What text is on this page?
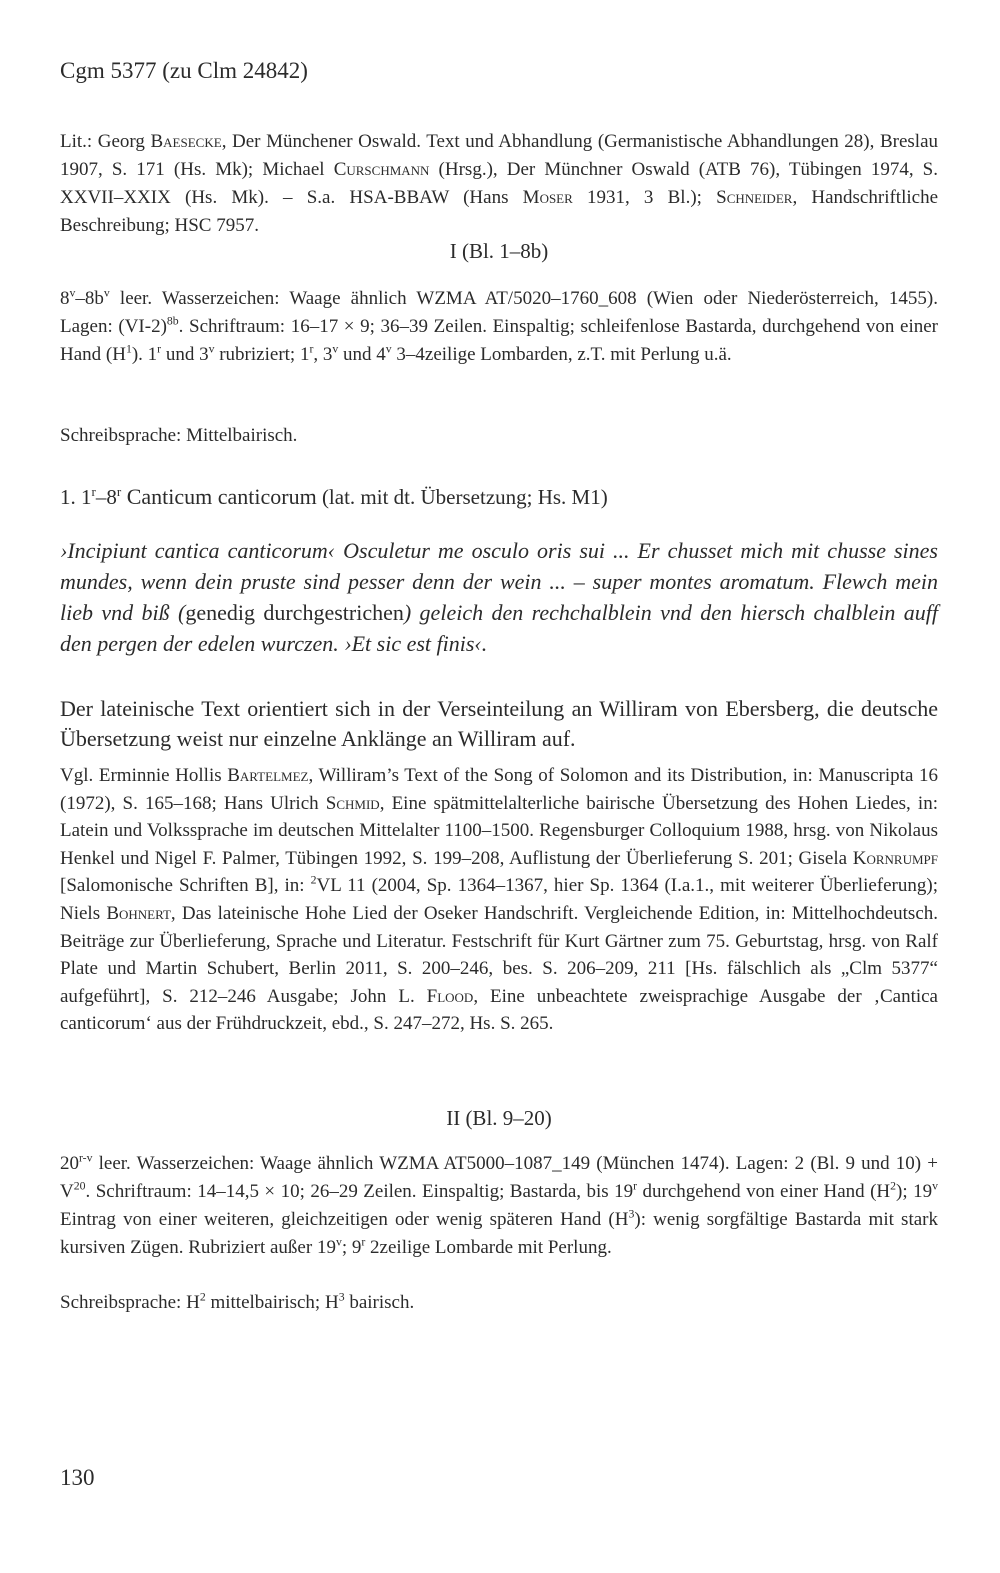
Cgm 5377 (zu Clm 24842)
Lit.: Georg Baesecke, Der Münchener Oswald. Text und Abhandlung (Germanistische Abhandlungen 28), Breslau 1907, S. 171 (Hs. Mk); Michael Curschmann (Hrsg.), Der Münchner Oswald (ATB 76), Tübingen 1974, S. XXVII–XXIX (Hs. Mk). – S.a. HSA-BBAW (Hans Moser 1931, 3 Bl.); Schneider, Handschriftliche Beschreibung; HSC 7957.
I (Bl. 1–8b)
$8^v-8b^v$ leer. Wasserzeichen: Waage ähnlich WZMA AT/5020–1760_608 (Wien oder Niederösterreich, 1455). Lagen: $(VI-2)^{8b}$. Schriftraum: 16–17 × 9; 36–39 Zeilen. Einspaltig; schleifenlose Bastarda, durchgehend von einer Hand $(H^1)$. 1$^r$ und 3$^v$ rubriziert; 1$^r$, 3$^v$ und 4$^v$ 3–4zeilige Lombarden, z.T. mit Perlung u.ä.
Schreibsprache: Mittelbairisch.
1. 1$^r$–8$^r$ Canticum canticorum (lat. mit dt. Übersetzung; Hs. M1)
›Incipiunt cantica canticorum‹ Osculetur me osculo oris sui ... Er chusset mich mit chusse sines mundes, wenn dein pruste sind pesser denn der wein ... – super montes aromatum. Flewch mein lieb vnd biß (genedig durchgestrichen) geleich den rechchalblein vnd den hiersch chalblein auff den pergen der edelen wurczen. ›Et sic est finis‹.
Der lateinische Text orientiert sich in der Verseinteilung an Williram von Ebersberg, die deutsche Übersetzung weist nur einzelne Anklänge an Williram auf.
Vgl. Erminnie Hollis Bartelmez, Williram’s Text of the Song of Solomon and its Distribution, in: Manuscripta 16 (1972), S. 165–168; Hans Ulrich Schmid, Eine spätmittelalterliche bairische Übersetzung des Hohen Liedes, in: Latein und Volkssprache im deutschen Mittelalter 1100–1500. Regensburger Colloquium 1988, hrsg. von Nikolaus Henkel und Nigel F. Palmer, Tübingen 1992, S. 199–208, Auflistung der Überlieferung S. 201; Gisela Kornrumpf [Salomonische Schriften B], in: $^2$VL 11 (2004, Sp. 1364–1367, hier Sp. 1364 (I.a.1., mit weiterer Überlieferung); Niels Bohnert, Das lateinische Hohe Lied der Oseker Handschrift. Vergleichende Edition, in: Mittelhochdeutsch. Beiträge zur Überlieferung, Sprache und Literatur. Festschrift für Kurt Gärtner zum 75. Geburtstag, hrsg. von Ralf Plate und Martin Schubert, Berlin 2011, S. 200–246, bes. S. 206–209, 211 [Hs. fälschlich als „Clm 5377“ aufgeführt], S. 212–246 Ausgabe; John L. Flood, Eine unbeachtete zweisprachige Ausgabe der ‚Cantica canticorum‘ aus der Frühdruckzeit, ebd., S. 247–272, Hs. S. 265.
II (Bl. 9–20)
20$^{r-v}$ leer. Wasserzeichen: Waage ähnlich WZMA AT5000–1087_149 (München 1474). Lagen: 2 (Bl. 9 und $10) + V^{20}$. Schriftraum: 14–14,5 × 10; 26–29 Zeilen. Einspaltig; Bastarda, bis 19$^r$ durchgehend von einer Hand $(H^2)$; 19$^v$ Eintrag von einer weiteren, gleichzeitigen oder wenig späteren Hand $(H^3)$: wenig sorgfältige Bastarda mit stark kursiven Zügen. Rubriziert außer 19$^v$; 9$^r$ 2zeilige Lombarde mit Perlung.
Schreibsprache: $H^2$ mittelbairisch; $H^3$ bairisch.
130
